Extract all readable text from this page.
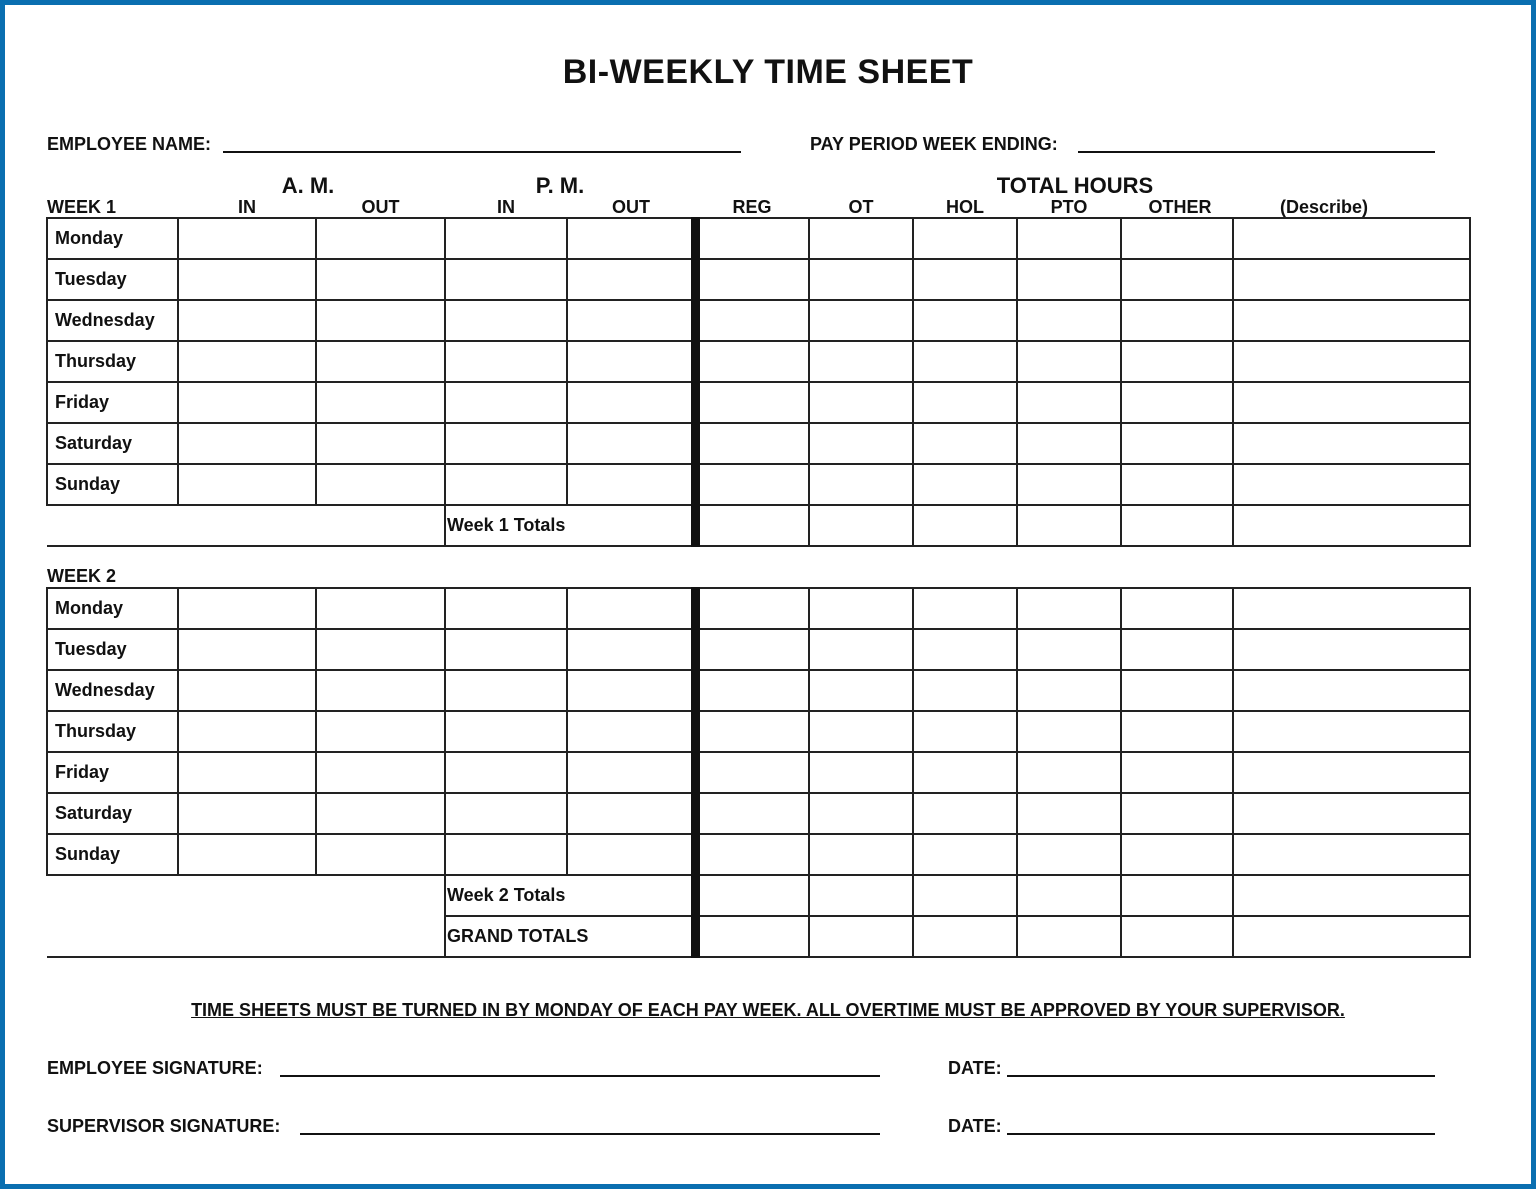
BI-WEEKLY TIME SHEET
EMPLOYEE NAME:	PAY PERIOD WEEK ENDING:
A. M.	P. M.	TOTAL HOURS
WEEK 1	IN	OUT	IN	OUT	REG	OT	HOL	PTO	OTHER	(Describe)
Monday										
Tuesday										
Wednesday										
Thursday										
Friday										
Saturday										
Sunday										
			Week 1 Totals							
WEEK 2
Monday										
Tuesday										
Wednesday										
Thursday										
Friday										
Saturday										
Sunday										
			Week 2 Totals							
			GRAND TOTALS							
TIME SHEETS MUST BE TURNED IN BY MONDAY OF EACH PAY WEEK. ALL OVERTIME MUST BE APPROVED BY YOUR SUPERVISOR.
EMPLOYEE SIGNATURE:	DATE:
SUPERVISOR SIGNATURE:	DATE:
